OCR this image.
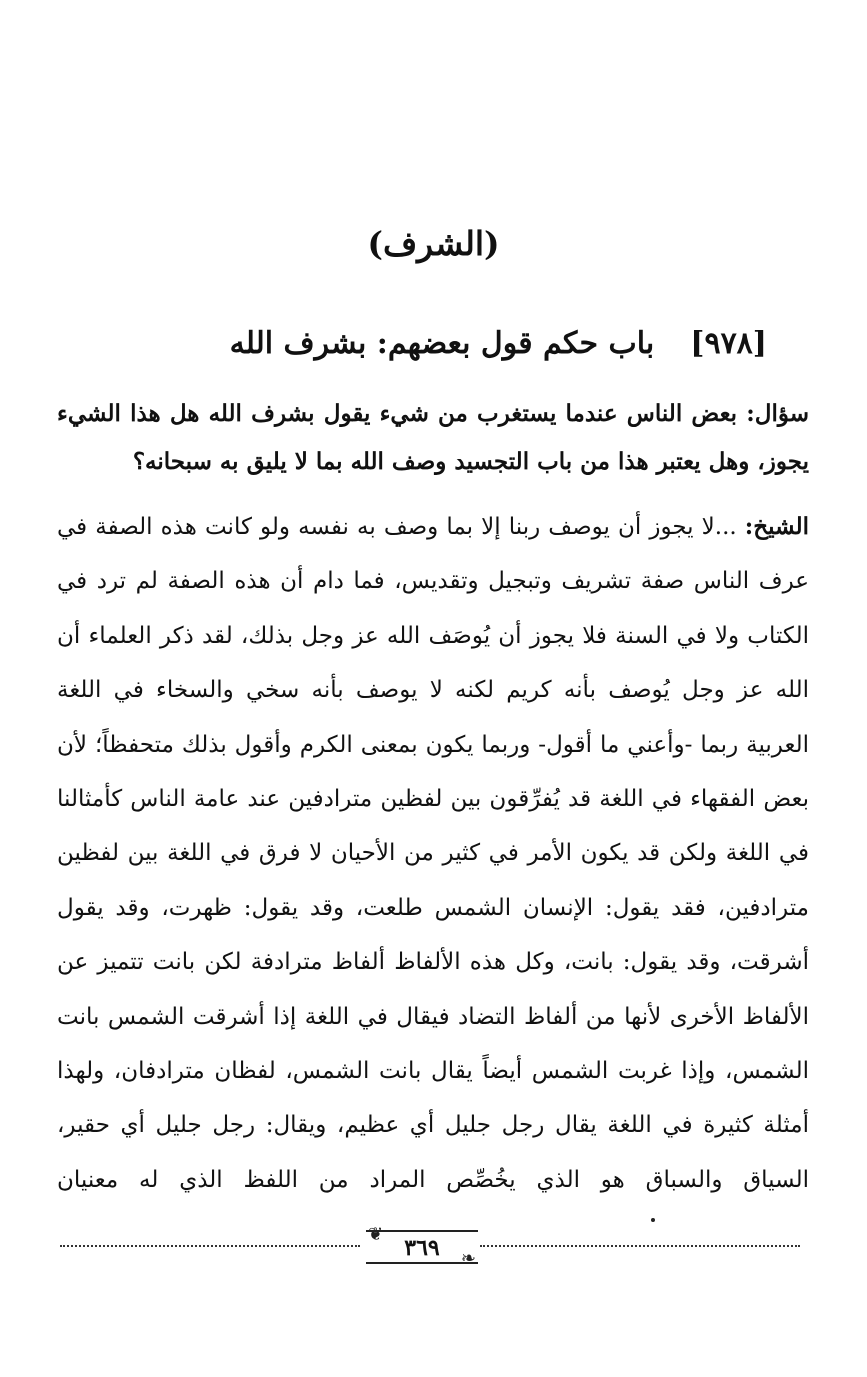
(الشرف)
[٩٧٨]باب حكم قول بعضهم: بشرف الله
سؤال: بعض الناس عندما يستغرب من شيء يقول بشرف الله هل هذا الشيء يجوز، وهل يعتبر هذا من باب التجسيد وصف الله بما لا يليق به سبحانه؟
الشيخ: ...لا يجوز أن يوصف ربنا إلا بما وصف به نفسه ولو كانت هذه الصفة في عرف الناس صفة تشريف وتبجيل وتقديس، فما دام أن هذه الصفة لم ترد في الكتاب ولا في السنة فلا يجوز أن يُوصَف الله عز وجل بذلك، لقد ذكر العلماء أن الله عز وجل يُوصف بأنه كريم لكنه لا يوصف بأنه سخي والسخاء في اللغة العربية ربما -وأعني ما أقول- وربما يكون بمعنى الكرم وأقول بذلك متحفظاً؛ لأن بعض الفقهاء في اللغة قد يُفرِّقون بين لفظين مترادفين عند عامة الناس كأمثالنا في اللغة ولكن قد يكون الأمر في كثير من الأحيان لا فرق في اللغة بين لفظين مترادفين، فقد يقول: الإنسان الشمس طلعت، وقد يقول: ظهرت، وقد يقول أشرقت، وقد يقول: بانت، وكل هذه الألفاظ ألفاظ مترادفة لكن بانت تتميز عن الألفاظ الأخرى لأنها من ألفاظ التضاد فيقال في اللغة إذا أشرقت الشمس بانت الشمس، وإذا غربت الشمس أيضاً يقال بانت الشمس، لفظان مترادفان، ولهذا أمثلة كثيرة في اللغة يقال رجل جليل أي عظيم، ويقال: رجل جليل أي حقير، السياق والسباق هو الذي يخُصِّص المراد من اللفظ الذي له معنيان
❦
❧
٣٦٩
